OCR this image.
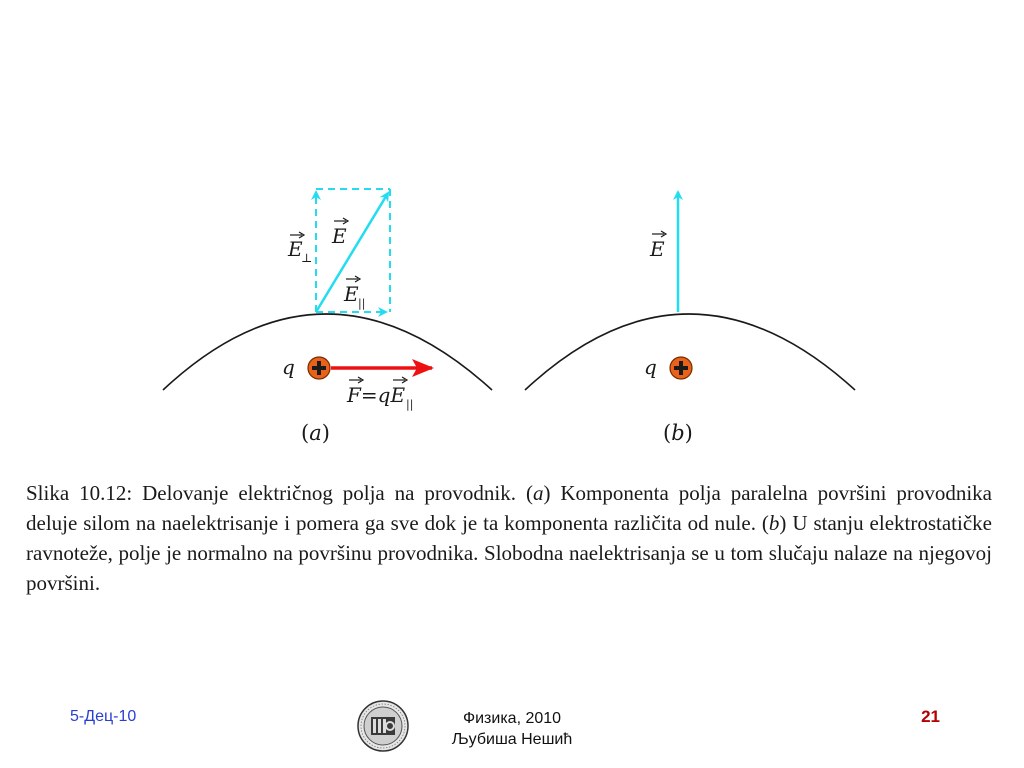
E
⊥
E
E ||
q
F=qE ||
(a)
E
q
(b)

Slika 10.12: Delovanje električnog polja na provodnik. (a) Komponenta polja paralelna površini provodnika deluje silom na naelektrisanje i pomera ga sve dok je ta komponenta različita od nule. (b) U stanju elektrostatičke ravnoteže, polje je normalno na površinu provodnika. Slobodna naelektrisanja se u tom slučaju nalaze na njegovoj površini.

5-Дец-10	Физика, 2010
Љубиша Нешић
21
